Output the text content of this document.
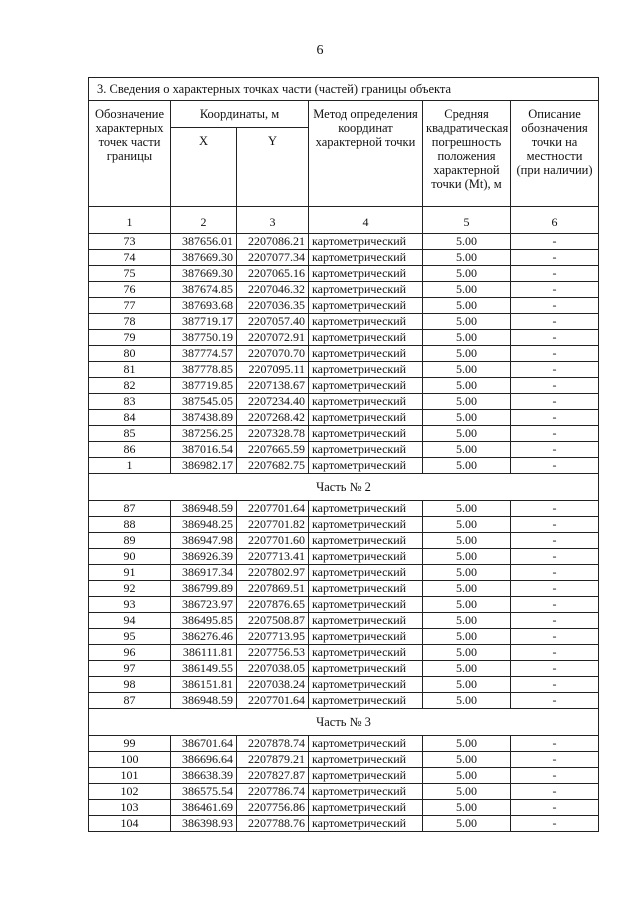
6
3. Сведения о характерных точках части (частей) границы объекта					
Обозначение характерных точек части границы	Координаты, м		Метод определения координат характерной точки	Средняя квадратическая погрешность положения характерной точки (Mt), м	Описание обозначения точки на местности (при наличии)
	X	Y			
1	2	3	4	5	6
73	387656.01	2207086.21	картометрический	5.00	-
74	387669.30	2207077.34	картометрический	5.00	-
75	387669.30	2207065.16	картометрический	5.00	-
76	387674.85	2207046.32	картометрический	5.00	-
77	387693.68	2207036.35	картометрический	5.00	-
78	387719.17	2207057.40	картометрический	5.00	-
79	387750.19	2207072.91	картометрический	5.00	-
80	387774.57	2207070.70	картометрический	5.00	-
81	387778.85	2207095.11	картометрический	5.00	-
82	387719.85	2207138.67	картометрический	5.00	-
83	387545.05	2207234.40	картометрический	5.00	-
84	387438.89	2207268.42	картометрический	5.00	-
85	387256.25	2207328.78	картометрический	5.00	-
86	387016.54	2207665.59	картометрический	5.00	-
1	386982.17	2207682.75	картометрический	5.00	-
Часть № 2					
87	386948.59	2207701.64	картометрический	5.00	-
88	386948.25	2207701.82	картометрический	5.00	-
89	386947.98	2207701.60	картометрический	5.00	-
90	386926.39	2207713.41	картометрический	5.00	-
91	386917.34	2207802.97	картометрический	5.00	-
92	386799.89	2207869.51	картометрический	5.00	-
93	386723.97	2207876.65	картометрический	5.00	-
94	386495.85	2207508.87	картометрический	5.00	-
95	386276.46	2207713.95	картометрический	5.00	-
96	386111.81	2207756.53	картометрический	5.00	-
97	386149.55	2207038.05	картометрический	5.00	-
98	386151.81	2207038.24	картометрический	5.00	-
87	386948.59	2207701.64	картометрический	5.00	-
Часть № 3					
99	386701.64	2207878.74	картометрический	5.00	-
100	386696.64	2207879.21	картометрический	5.00	-
101	386638.39	2207827.87	картометрический	5.00	-
102	386575.54	2207786.74	картометрический	5.00	-
103	386461.69	2207756.86	картометрический	5.00	-
104	386398.93	2207788.76	картометрический	5.00	-
